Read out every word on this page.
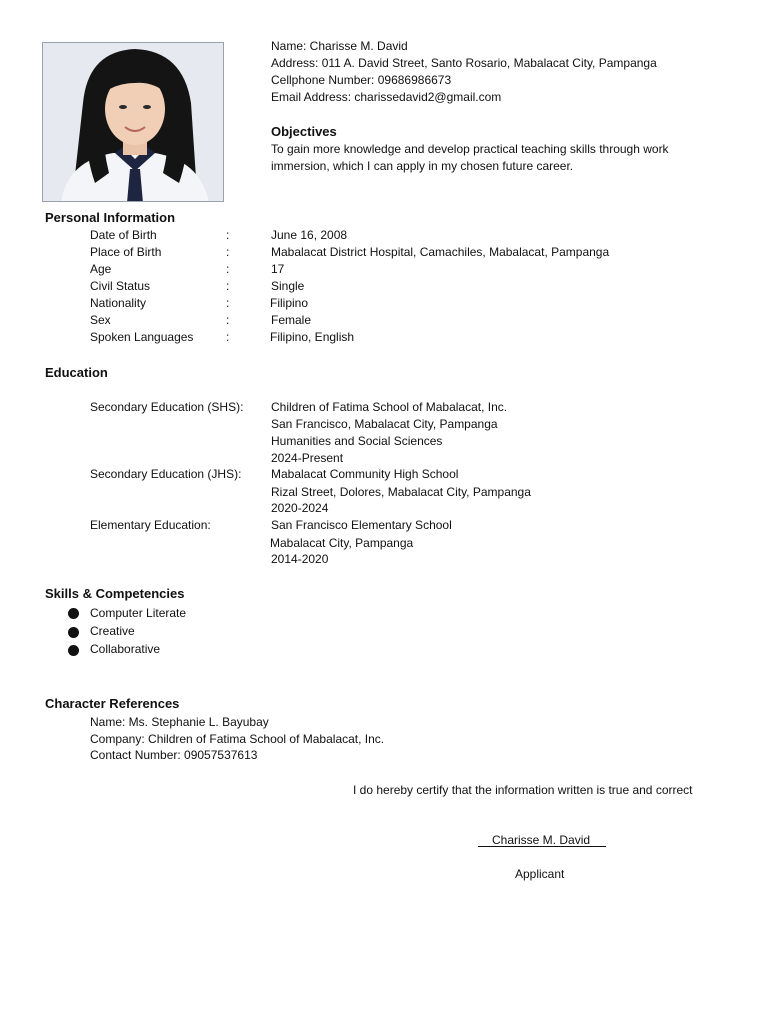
Name: Charisse M. David
Address: 011 A. David Street, Santo Rosario, Mabalacat City, Pampanga
Cellphone Number: 09686986673
Email Address: charissedavid2@gmail.com
Objectives
To gain more knowledge and develop practical teaching skills through work
immersion, which I can apply in my chosen future career.
Personal Information
Date of Birth	:	June 16, 2008
Place of Birth	:	Mabalacat District Hospital, Camachiles, Mabalacat, Pampanga
Age	:	17
Civil Status	:	Single
Nationality	:	Filipino
Sex	:	Female
Spoken Languages	:	Filipino, English
Education
Secondary Education (SHS): Children of Fatima School of Mabalacat, Inc.
San Francisco, Mabalacat City, Pampanga
Humanities and Social Sciences
2024-Present
Secondary Education (JHS): Mabalacat Community High School
Rizal Street, Dolores, Mabalacat City, Pampanga
2020-2024
Elementary Education:	San Francisco Elementary School
Mabalacat City, Pampanga
2014-2020
Skills & Competencies
Computer Literate
Creative
Collaborative
Character References
Name: Ms. Stephanie L. Bayubay
Company: Children of Fatima School of Mabalacat, Inc.
Contact Number: 09057537613
I do hereby certify that the information written is true and correct
Charisse M. David
Applicant
